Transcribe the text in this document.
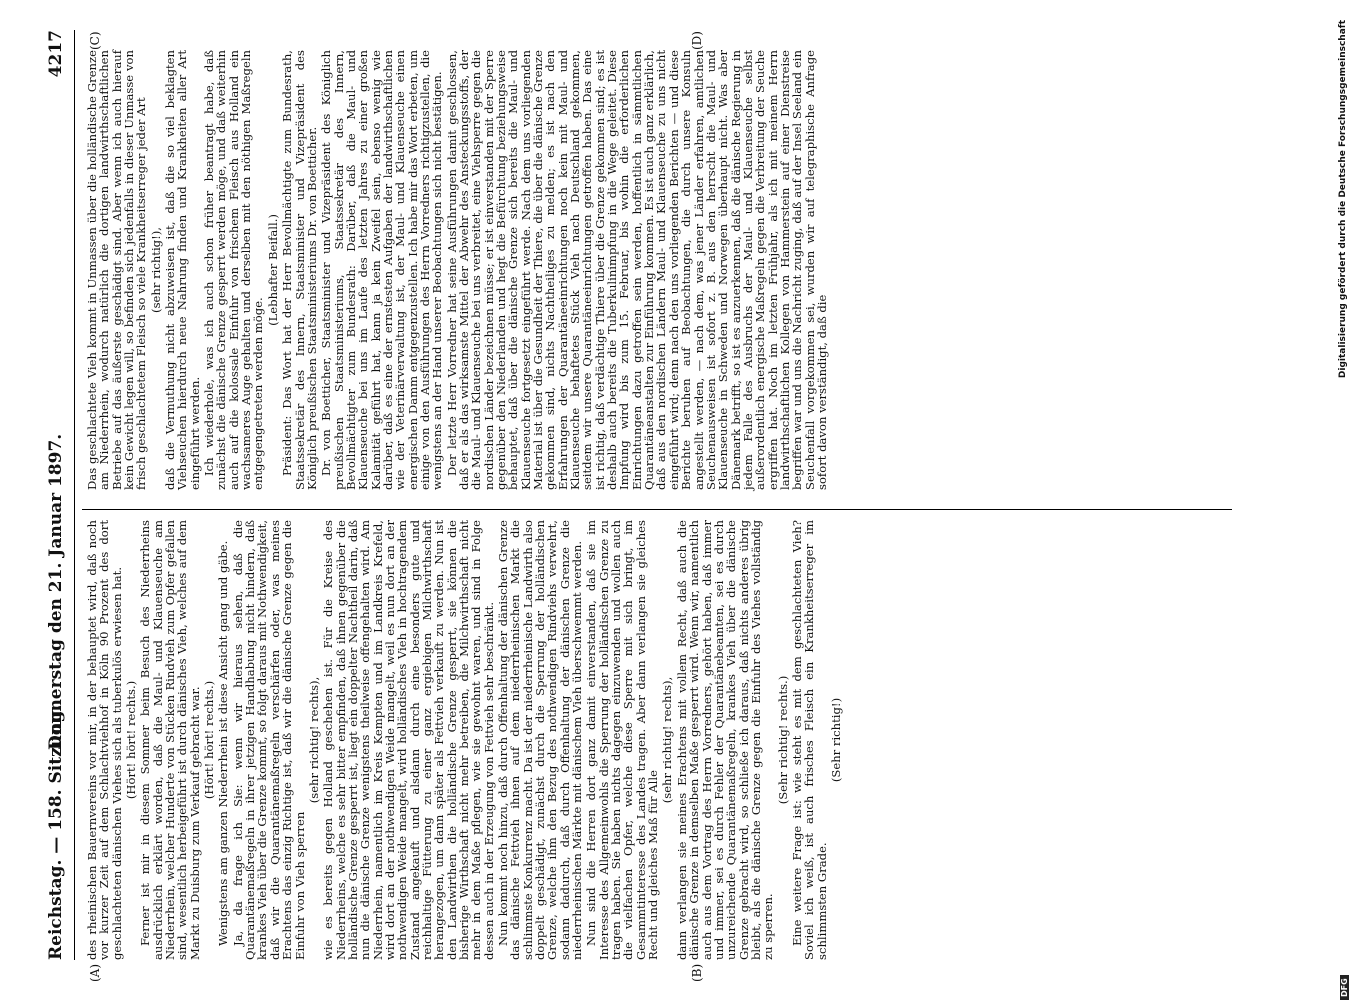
Reichstag. — 158. Sitzung.
Donnerstag den 21. Januar 1897.
4217
(A)	(B)
(C)	(D)

des rheinischen Bauernvereins vor mir, in der behauptet wird, daß noch vor kurzer Zeit auf dem Schlachtviehhof in Köln 90 Prozent des dort geschlachteten dänischen Viehes sich als tuberkulös erwiesen hat. (Hört! hört! rechts.) Ferner ist mir in diesem Sommer beim Besuch des Niederrheins ausdrücklich erklärt worden, daß die Maul- und Klauenseuche am Niederrhein, welcher Hunderte von Stücken Rindvieh zum Opfer gefallen sind, wesentlich herbeigeführt ist durch dänisches Vieh, welches auf dem Markt zu Duisburg zum Verkauf gebracht war. (Hört! hört! rechts.) Wenigstens am ganzen Niederrhein ist diese Ansicht gang und gäbe. Ja, da frage ich Sie: wenn wir hieraus sehen, daß die Quarantänemaßregeln in ihrer jetzigen Handhabung nicht hindern, daß krankes Vieh über die Grenze kommt, so folgt daraus mit Nothwendigkeit, daß wir die Quarantänemaßregeln verschärfen oder, was meines Erachtens das einzig Richtige ist, daß wir die dänische Grenze gegen die Einfuhr von Vieh sperren

(sehr richtig! rechts), wie es bereits gegen Holland geschehen ist. Für die Kreise des Niederrheins, welche es sehr bitter empfinden, daß ihnen gegenüber die holländische Grenze gesperrt ist, liegt ein doppelter Nachtheil darin, daß nun die dänische Grenze wenigstens theilweise offengehalten wird. Am Niederrhein, namentlich im Kreis Kempten und im Landkreis Krefeld, wird dort an der nothwendigen Weide mangelt, weil es nun dort an der nothwendigen Weide mangelt, wird holländisches Vieh in hochtragendem Zustand angekauft und alsdann durch eine besonders gute und reichhaltige Fütterung zu einer ganz ergiebigen Milchwirthschaft herangezogen, um dann später als Fettvieh verkauft zu werden. Nun ist den Landwirthen die holländische Grenze gesperrt, sie können die bisherige Wirthschaft nicht mehr betreiben, die Milchwirthschaft nicht mehr in dem Maße pflegen, wie sie gewohnt waren, und sind in Folge dessen auch in der Erzeugung von Fettvieh sehr beschränkt. Nun kommt noch hinzu, daß durch Offenhaltung der dänischen Grenze das dänische Fettvieh ihnen auf dem niederrheinischen Markt die schlimmste Konkurrenz macht. Da ist der niederrheinische Landwirth also doppelt geschädigt, zunächst durch die Sperrung der holländischen Grenze, welche ihm den Bezug des nothwendigen Rindviehs verwehrt, sodann dadurch, daß durch Offenhaltung der dänischen Grenze die niederrheinischen Märkte mit dänischem Vieh überschwemmt werden. Nun sind die Herren dort ganz damit einverstanden, daß sie im Interesse des Allgemeinwohls die Sperrung der holländischen Grenze zu tragen haben. Sie haben nichts dagegen einzuwenden und wollen auch die vielfachen Opfer, welche diese Sperre mit sich bringt, im Gesammtinteresse des Landes tragen. Aber dann verlangen sie gleiches Recht und gleiches Maß für Alle

(sehr richtig! rechts), dann verlangen sie meines Erachtens mit vollem Recht, daß auch die dänische Grenze in demselben Maße gesperrt wird. Wenn wir, namentlich auch aus dem Vortrag des Herrn Vorredners, gehört haben, daß immer und immer, sei es durch Fehler der Quarantänebeamten, sei es durch unzureichende Quarantänemaßregeln, krankes Vieh über die dänische Grenze gebracht wird, so schließe ich daraus, daß nichts anderes übrig bleibt, als die dänische Grenze gegen die Einfuhr des Viehes vollständig zu sperren.

(Sehr richtig! rechts.) Eine weitere Frage ist: wie steht es mit dem geschlachteten Vieh? Soviel ich weiß, ist auch frisches Fleisch ein Krankheitserreger im schlimmsten Grade.

(Sehr richtig!)

Das geschlachtete Vieh kommt in Unmassen über die holländische Grenze am Niederrhein, wodurch natürlich die dortigen landwirthschaftlichen Betriebe auf das äußerste geschädigt sind. Aber wenn ich auch hierauf kein Gewicht legen will, so befinden sich jedenfalls in dieser Unmasse von frisch geschlachtetem Fleisch so viele Krankheitserreger jeder Art (sehr richtig!), daß die Vermuthung nicht abzuweisen ist, daß die so viel beklagten Viehseuchen hierdurch neue Nahrung finden und Krankheiten aller Art eingeführt werden. Ich wiederhole, was ich auch schon früher beantragt habe, daß zunächst die dänische Grenze gesperrt werden möge, und daß weiterhin auch auf die kolossale Einfuhr von frischem Fleisch aus Holland ein wachsameres Auge gehalten und derselben mit den nöthigen Maßregeln entgegengetreten werden möge.

(Lebhafter Beifall.) Präsident: Das Wort hat der Herr Bevollmächtigte zum Bundesrath, Staatssekretär des Innern, Staatsminister und Vizepräsident des Königlich preußischen Staatsministeriums Dr. von Boetticher. Dr. von Boetticher, Staatsminister und Vizepräsident des Königlich preußischen Staatsministeriums, Staatssekretär des Innern, Bevollmächtigter zum Bundesrath: Darüber, daß die Maul- und Klauenseuche bei uns im Laufe des letzten Jahres zu einer großen Kalamität geführt hat, kann ja kein Zweifel sein, ebenso wenig wie darüber, daß es eine der ernstesten Aufgaben der landwirthschaftlichen wie der Veterinärverwaltung ist, der Maul- und Klauenseuche einen energischen Damm entgegenzustellen. Ich habe mir das Wort erbeten, um einige von den Ausführungen des Herrn Vorredners richtigzustellen, die wenigstens an der Hand unserer Beobachtungen sich nicht bestätigen. Der letzte Herr Vorredner hat seine Ausführungen damit geschlossen, daß er als das wirksamste Mittel der Abwehr des Ansteckungsstoffs, der die Maul- und Klauenseuche bei uns verbreitet, eine Viehsperre gegen die nordischen Länder bezeichnen müsse; er ist einverstanden mit der Sperre gegenüber den Niederlanden und hegt die Befürchtung beziehungsweise behauptet, daß über die dänische Grenze sich bereits die Maul- und Klauenseuche fortgesetzt eingeführt werde. Nach dem uns vorliegenden Material ist über die Gesundheit der Thiere, die über die dänische Grenze gekommen sind, nichts Nachtheiliges zu melden; es ist nach den Erfahrungen der Quarantäneeinrichtungen noch kein mit Maul- und Klauenseuche behaftetes Stück Vieh nach Deutschland gekommen, seitdem wir unsere Quarantäneeinrichtungen getroffen haben. Das eine ist richtig, daß verdächtige Thiere über die Grenze gekommen sind; es ist deshalb auch bereits die Tuberkulinimpfung in die Wege geleitet. Diese Impfung wird bis zum 15. Februar, bis wohin die erforderlichen Einrichtungen dazu getroffen sein werden, hoffentlich in sämmtlichen Quarantäneanstalten zur Einführung kommen. Es ist auch ganz erklärlich, daß aus den nordischen Ländern Maul- und Klauenseuche zu uns nicht eingeführt wird; denn nach den uns vorliegenden Berichten — und diese Berichte beruhen auf Beobachtungen, die durch unsere Konsuln angestellt werden, — nach dem, was jener Länder erfahren, amtlichen Seuchenausweisen ist sofort z. B. aus den herrscht die Maul- und Klauenseuche in Schweden und Norwegen überhaupt nicht. Was aber Dänemark betrifft, so ist es anzuerkennen, daß die dänische Regierung in jedem Falle des Ausbruchs der Maul- und Klauenseuche selbst außerordentlich energische Maßregeln gegen die Verbreitung der Seuche ergriffen hat. Noch im letzten Frühjahr, als ich mit meinem Herrn landwirthschaftlichen Kollegen von Hammerstein auf einer Dienstreise begriffen war und uns die Nachricht zuging, daß auf der Insel Seeland ein Seuchenfall vorgekommen sei, wurden wir auf telegraphische Anfrage sofort davon verständigt, daß die

Digitalisierung gefördert durch die Deutsche Forschungsgemeinschaft
DFG
